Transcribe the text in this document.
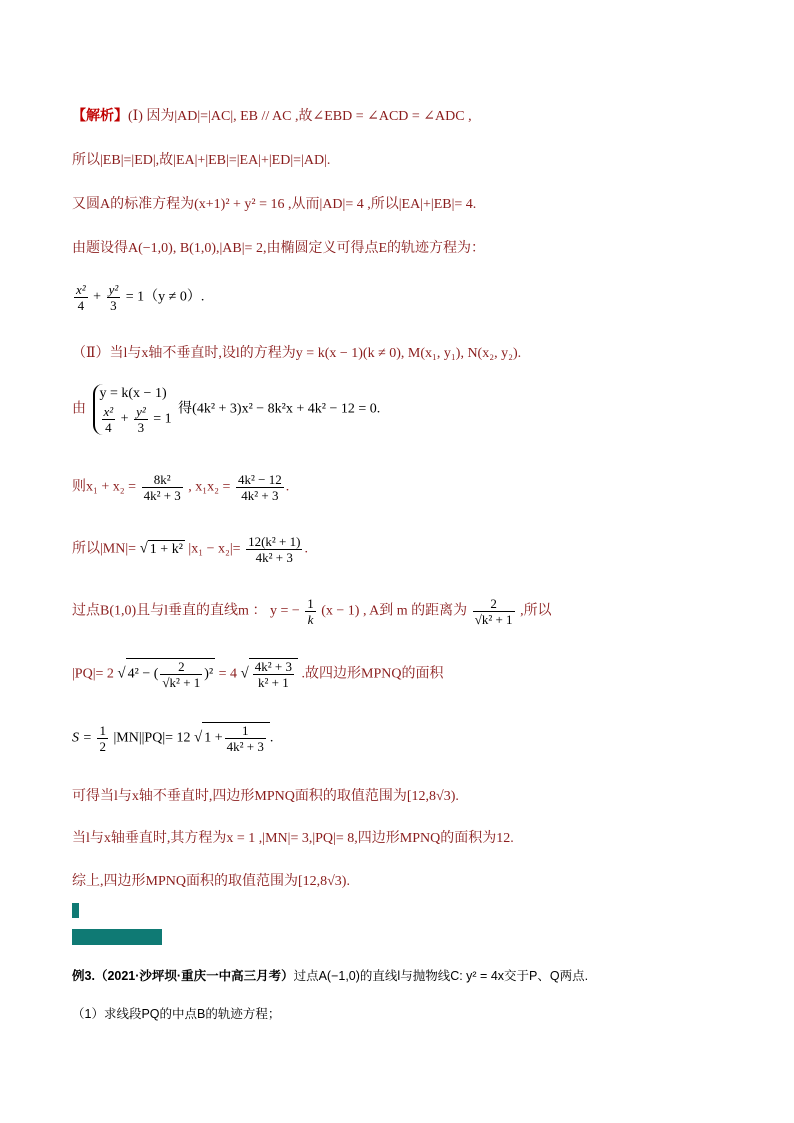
【解析】(Ⅰ) 因为|AD|=|AC|, EB // AC ,故∠EBD = ∠ACD = ∠ADC ,
所以|EB|=|ED|,故|EA|+|EB|=|EA|+|ED|=|AD|.
又圆A的标准方程为(x+1)² + y² = 16 ,从而|AD|= 4 ,所以|EA|+|EB|= 4.
由题设得A(−1,0), B(1,0),|AB|= 2,由椭圆定义可得点E的轨迹方程为：
$\frac{\text{x²}}{4} + \frac{\text{y²}}{3} = 1(y \ne 0)$.
（Ⅱ）当l与x轴不垂直时,设l的方程为y = k(x − 1)(k ≠ 0), M(x₁, y₁), N(x₂, y₂).
由
y = k(x − 1)
$\frac{\text{x²}}{4} + \frac{\text{y²}}{3} = 1$
得(4k² + 3)x² − 8k²x + 4k² − 12 = 0.
则$x_1 + x_2 = \frac{\text{8k²}}{\text{4k² + 3}}$ , $x_1x_2 = \frac{\text{4k² − 12}}{\text{4k² + 3}}$ .
所以|MN|= √ 1 + k² $|x_1 - x_2|= \frac{\text{12(k² + 1)}}{\text{4k² + 3}}$ .
过点B(1,0)且与l垂直的直线m ： y = − $\frac{1}{k} (x - 1)$ , A到 m 的距离为 $\frac{2}{\text{√k² + 1}}$ ,所以
|PQ|= 2 √ 4² − ( $\frac{2}{\text{√k² + 1}} )^2 = 4$ √ $\frac{\text{4k² + 3}}{\text{k² + 1}}$ .故四边形MPNQ的面积
$S = \frac{1}{2} |MN||PQ|= 12$ √ $1 + \frac{1}{\text{4k² + 3}}$ .
可得当l与x轴不垂直时,四边形MPNQ面积的取值范围为[12,8√3).
当l与x轴垂直时,其方程为x = 1 ,|MN|= 3,|PQ|= 8,四边形MPNQ的面积为12.
综上,四边形MPNQ面积的取值范围为[12,8√3).
例3.（2021·沙坪坝·重庆一中高三月考）过点A(−1,0)的直线l与抛物线C: y² = 4x交于P、Q两点.
（1）求线段PQ的中点B的轨迹方程；
